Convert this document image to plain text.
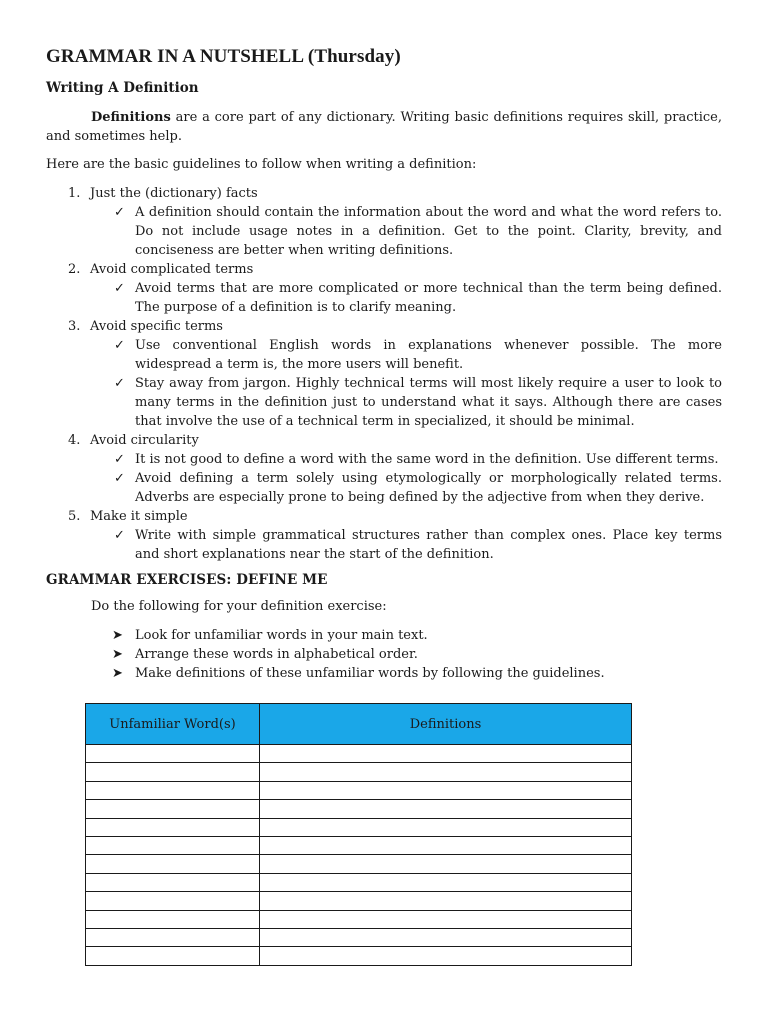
GRAMMAR IN A NUTSHELL (Thursday)
Writing A Definition

Definitions are a core part of any dictionary. Writing basic definitions requires skill, practice, and sometimes help.

Here are the basic guidelines to follow when writing a definition:

1. Just the (dictionary) facts
✓ A definition should contain the information about the word and what the word refers to. Do not include usage notes in a definition. Get to the point. Clarity, brevity, and conciseness are better when writing definitions.
2. Avoid complicated terms
✓ Avoid terms that are more complicated or more technical than the term being defined. The purpose of a definition is to clarify meaning.
3. Avoid specific terms
✓ Use conventional English words in explanations whenever possible. The more widespread a term is, the more users will benefit.
✓ Stay away from jargon. Highly technical terms will most likely require a user to look to many terms in the definition just to understand what it says. Although there are cases that involve the use of a technical term in specialized, it should be minimal.
4. Avoid circularity
✓ It is not good to define a word with the same word in the definition. Use different terms.
✓ Avoid defining a term solely using etymologically or morphologically related terms. Adverbs are especially prone to being defined by the adjective from when they derive.
5. Make it simple
✓ Write with simple grammatical structures rather than complex ones. Place key terms and short explanations near the start of the definition.
GRAMMAR EXERCISES: DEFINE ME

Do the following for your definition exercise:

➤ Look for unfamiliar words in your main text.
➤ Arrange these words in alphabetical order.
➤ Make definitions of these unfamiliar words by following the guidelines.
Unfamiliar Word(s)	Definitions
